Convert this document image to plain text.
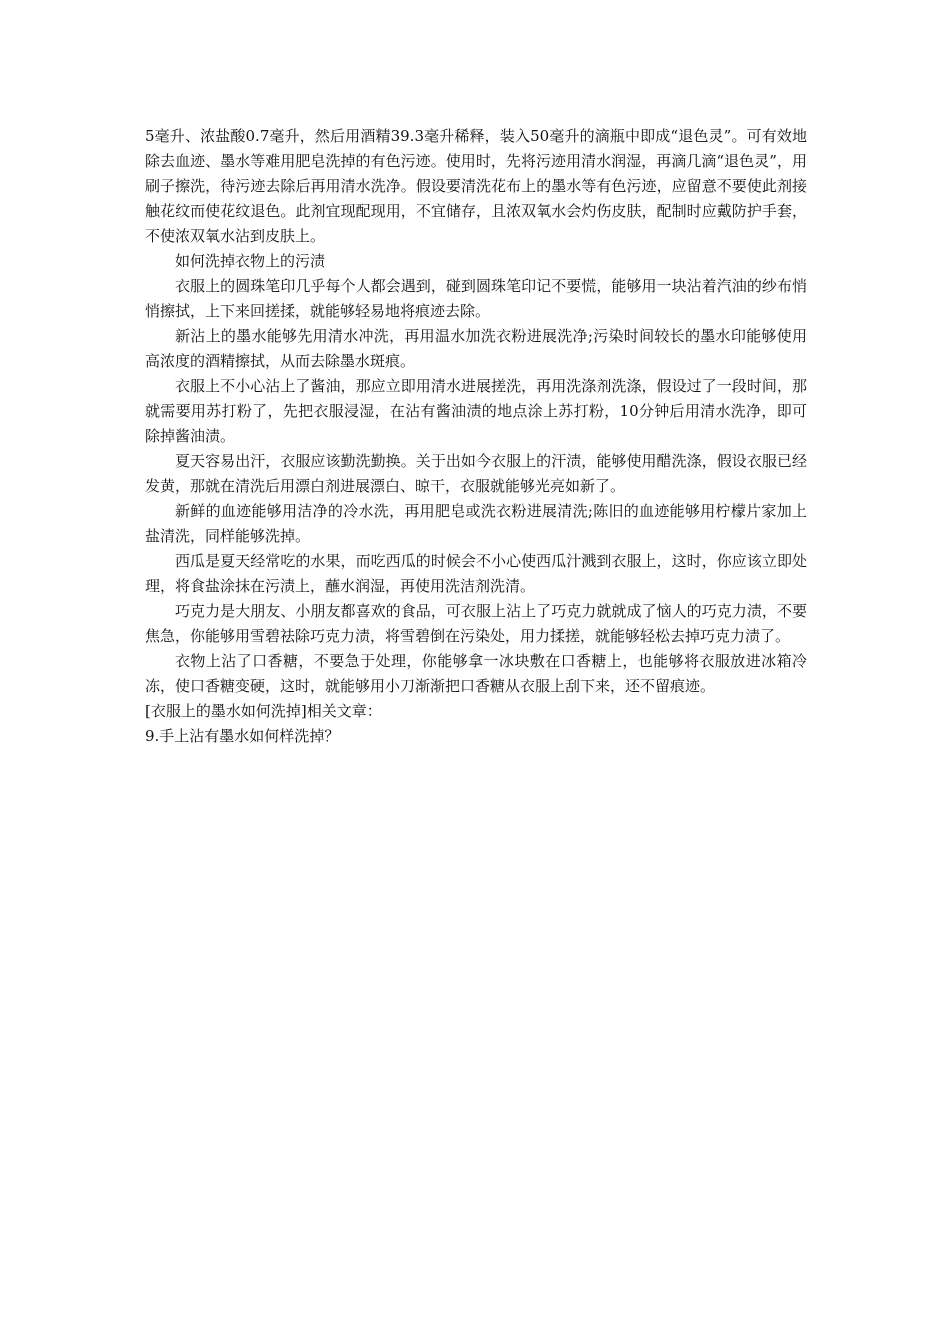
5毫升、浓盐酸0.7毫升，然后用酒精39.3毫升稀释，装入50毫升的滴瓶中即成“退色灵”。可有效地除去血迹、墨水等难用肥皂洗掉的有色污迹。使用时，先将污迹用清水润湿，再滴几滴“退色灵”，用刷子擦洗，待污迹去除后再用清水洗净。假设要清洗花布上的墨水等有色污迹，应留意不要使此剂接触花纹而使花纹退色。此剂宜现配现用，不宜储存，且浓双氧水会灼伤皮肤，配制时应戴防护手套，不使浓双氧水沾到皮肤上。

如何洗掉衣物上的污渍

衣服上的圆珠笔印几乎每个人都会遇到，碰到圆珠笔印记不要慌，能够用一块沾着汽油的纱布悄悄擦拭，上下来回搓揉，就能够轻易地将痕迹去除。

新沾上的墨水能够先用清水冲洗，再用温水加洗衣粉进展洗净;污染时间较长的墨水印能够使用高浓度的酒精擦拭，从而去除墨水斑痕。

衣服上不小心沾上了酱油，那应立即用清水进展搓洗，再用洗涤剂洗涤，假设过了一段时间，那就需要用苏打粉了，先把衣服浸湿，在沾有酱油渍的地点涂上苏打粉，10分钟后用清水洗净，即可除掉酱油渍。

夏天容易出汗，衣服应该勤洗勤换。关于出如今衣服上的汗渍，能够使用醋洗涤，假设衣服已经发黄，那就在清洗后用漂白剂进展漂白、晾干，衣服就能够光亮如新了。

新鲜的血迹能够用洁净的冷水洗，再用肥皂或洗衣粉进展清洗;陈旧的血迹能够用柠檬片家加上盐清洗，同样能够洗掉。

西瓜是夏天经常吃的水果，而吃西瓜的时候会不小心使西瓜汁溅到衣服上，这时，你应该立即处理，将食盐涂抹在污渍上，蘸水润湿，再使用洗洁剂洗清。

巧克力是大朋友、小朋友都喜欢的食品，可衣服上沾上了巧克力就就成了恼人的巧克力渍，不要焦急，你能够用雪碧祛除巧克力渍，将雪碧倒在污染处，用力揉搓，就能够轻松去掉巧克力渍了。

衣物上沾了口香糖，不要急于处理，你能够拿一冰块敷在口香糖上，也能够将衣服放进冰箱冷冻，使口香糖变硬，这时，就能够用小刀渐渐把口香糖从衣服上刮下来，还不留痕迹。

[衣服上的墨水如何洗掉]相关文章：

9.手上沾有墨水如何样洗掉？
